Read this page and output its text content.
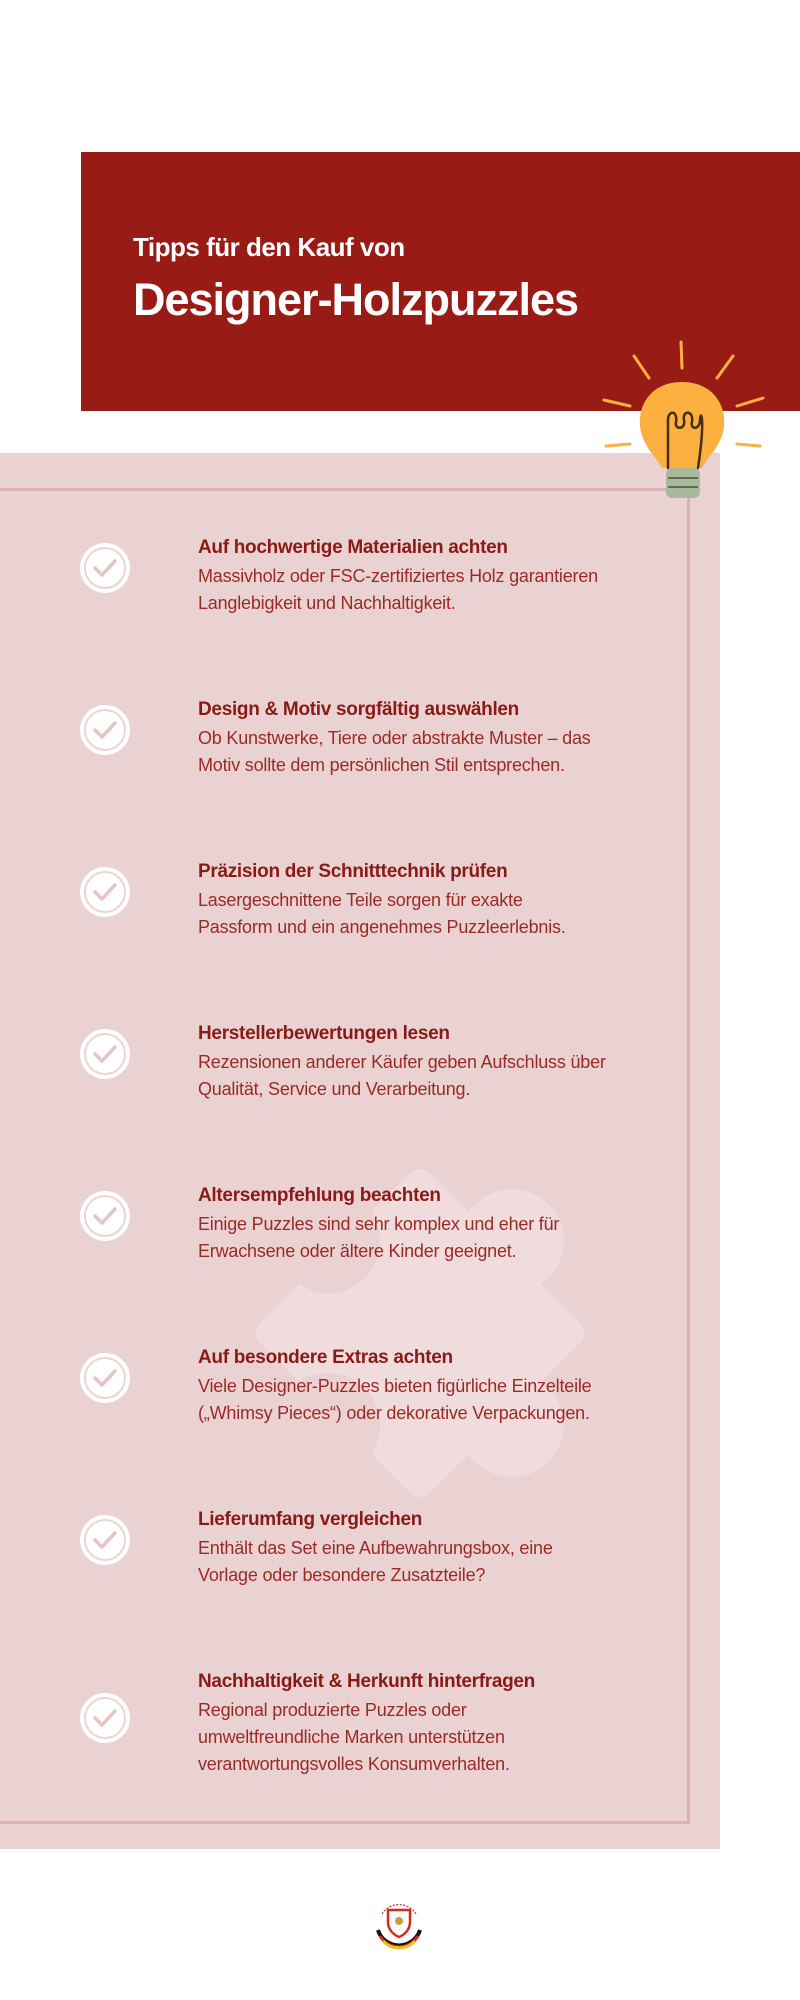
Tipps für den Kauf von
Designer-Holzpuzzles
Auf hochwertige Materialien achten
Massivholz oder FSC-zertifiziertes Holz garantieren
Langlebigkeit und Nachhaltigkeit.
Design & Motiv sorgfältig auswählen
Ob Kunstwerke, Tiere oder abstrakte Muster – das
Motiv sollte dem persönlichen Stil entsprechen.
Präzision der Schnitttechnik prüfen
Lasergeschnittene Teile sorgen für exakte
Passform und ein angenehmes Puzzleerlebnis.
Herstellerbewertungen lesen
Rezensionen anderer Käufer geben Aufschluss über
Qualität, Service und Verarbeitung.
Altersempfehlung beachten
Einige Puzzles sind sehr komplex und eher für
Erwachsene oder ältere Kinder geeignet.
Auf besondere Extras achten
Viele Designer-Puzzles bieten figürliche Einzelteile
(„Whimsy Pieces“) oder dekorative Verpackungen.
Lieferumfang vergleichen
Enthält das Set eine Aufbewahrungsbox, eine
Vorlage oder besondere Zusatzteile?
Nachhaltigkeit & Herkunft hinterfragen
Regional produzierte Puzzles oder
umweltfreundliche Marken unterstützen
verantwortungsvolles Konsumverhalten.
